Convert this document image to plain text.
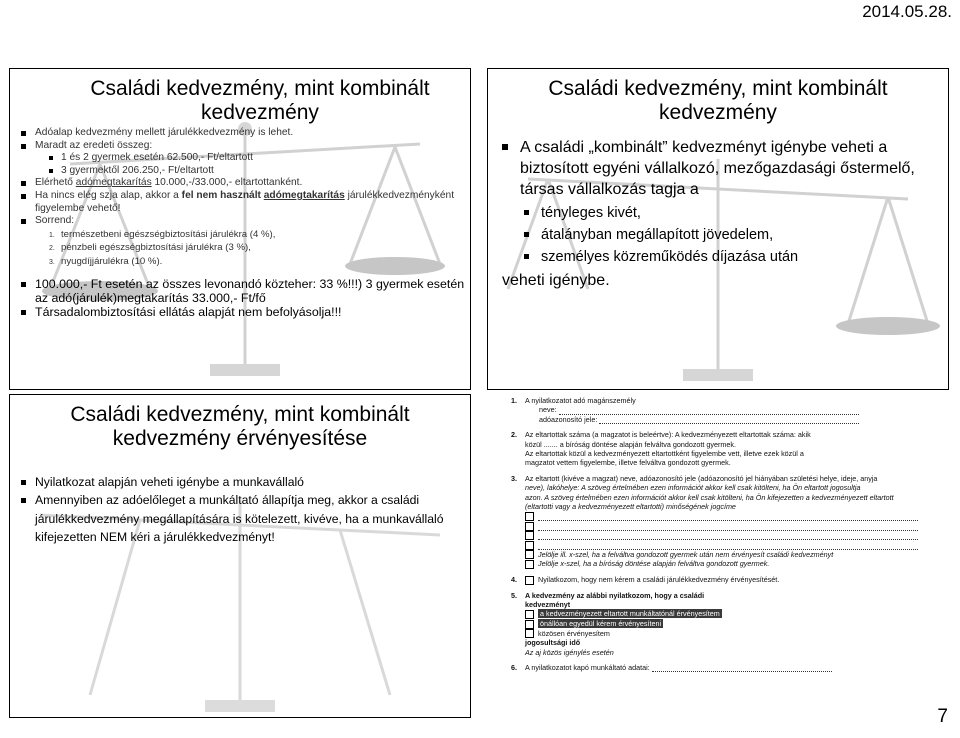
2014.05.28.
Családi kedvezmény, mint kombinált kedvezmény
Adóalap kedvezmény mellett járulékkedvezmény is lehet.
Maradt az eredeti összeg:
1 és 2 gyermek esetén 62.500,- Ft/eltartott
3 gyermektől 206.250,- Ft/eltartott
Elérhető adómegtakarítás 10.000,-/33.000,- eltartottanként.
Ha nincs elég szja alap, akkor a fel nem használt adómegtakarítás járulékkedvezményként figyelembe vehető!
Sorrend:
1. természetbeni egészségbiztosítási járulékra (4 %),
2. pénzbeli egészségbiztosítási járulékra (3 %),
3. nyugdíjjárulékra (10 %).
100.000,- Ft esetén az összes levonandó közteher: 33 %!!!) 3 gyermek esetén az adó(járulék)megtakarítás 33.000,- Ft/fő
Társadalombiztosítási ellátás alapját nem befolyásolja!!!
Családi kedvezmény, mint kombinált kedvezmény
A családi „kombinált” kedvezményt igénybe veheti a biztosított egyéni vállalkozó, mezőgazdasági őstermelő, társas vállalkozás tagja a
tényleges kivét,
átalányban megállapított jövedelem,
személyes közreműködés díjazása után
veheti igénybe.
Családi kedvezmény, mint kombinált kedvezmény érvényesítése
Nyilatkozat alapján veheti igénybe a munkavállaló
Amennyiben az adóelőleget a munkáltató állapítja meg, akkor a családi járulékkedvezmény megállapítására is kötelezett, kivéve, ha a munkavállaló kifejezetten NEM kéri a járulékkedvezményt!
1. A nyilatkozatot adó magánszemély
neve:
adóazonosító jele:
2. Az eltartottak száma (a magzatot is beleértve): A kedvezményezett eltartottak száma: akik
közül ....... a bíróság döntése alapján felváltva gondozott gyermek.
Az eltartottak közül a kedvezményezett eltartottként figyelembe vett, illetve ezek közül a
magzatot vettem figyelembe, illetve felváltva gondozott gyermek.
3. Az eltartott (kivéve a magzat) neve, adóazonosító jele (adóazonosító jel hiányában születési helye, ideje, anyja
neve), lakóhelye: A szöveg értelmében ezen információt akkor kell csak kitölteni, ha Ön eltartott jogosultja
azon. A szöveg értelmében ezen információt akkor kell csak kitölteni, ha Ön kifejezetten a kedvezményezett eltartott
(eltartotti vagy a kedvezményezett eltartotti) minőségének jogcíme
Jelölje ill. x-szel, ha a felváltva gondozott gyermek után nem érvényesít családi kedvezményt
Jelölje x-szel, ha a bíróság döntése alapján felváltva gondozott gyermek.
4.	Nyilatkozom, hogy nem kérem a családi járulékkedvezmény érvényesítését.
5. A kedvezmény az alábbi nyilatkozom, hogy a családi
kedvezményt
a kedvezményezett eltartott munkáltatónál érvényesítem
önállóan egyedül kérem érvényesíteni
közösen érvényesítem
jogosultsági idő
Az aj közös igénylés esetén
6. A nyilatkozatot kapó munkáltató adatai:
7
